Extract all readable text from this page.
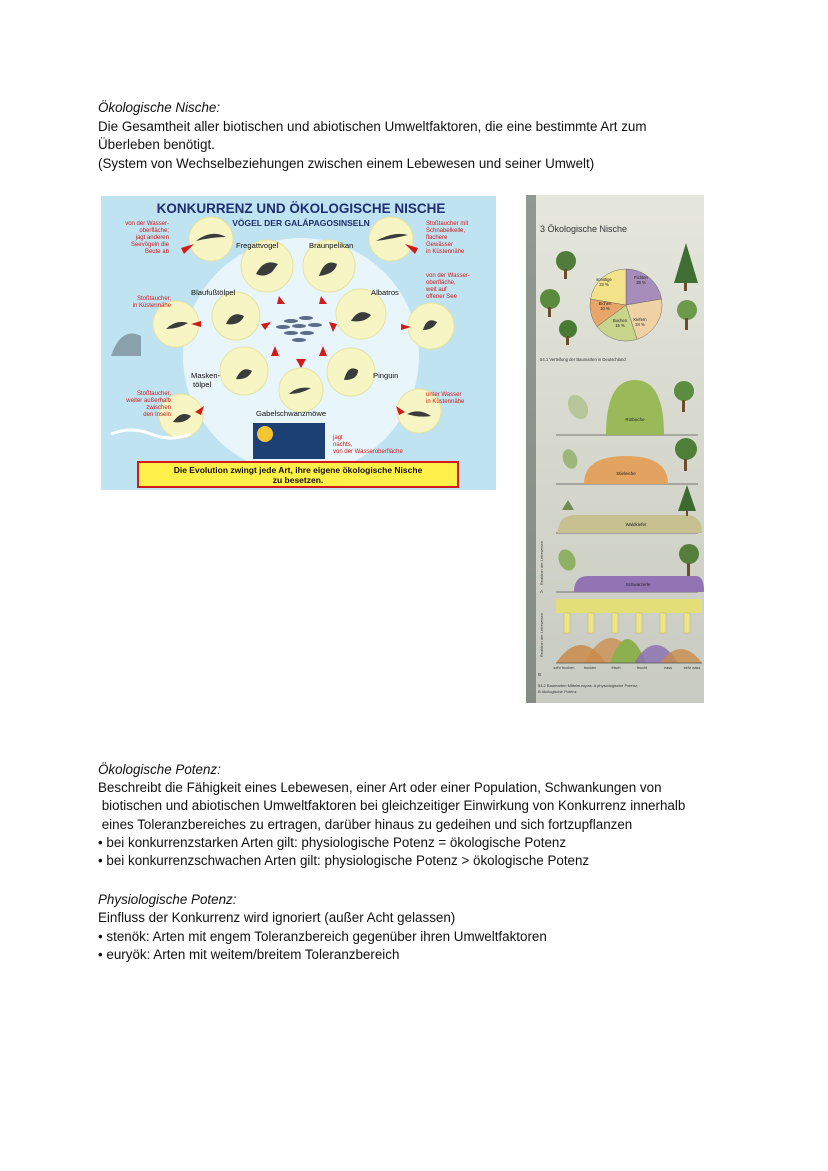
Ökologische Nische:
Die Gesamtheit aller biotischen und abiotischen Umweltfaktoren, die eine bestimmte Art zum
Überleben benötigt.
(System von Wechselbeziehungen zwischen einem Lebewesen und seiner Umwelt)
KONKURRENZ UND ÖKOLOGISCHE NISCHE
VÖGEL DER GALÁPAGOSINSELN
Fregattvogel	Braunpelikan
Blaufußtölpel	Albatros
Masken-
tölpel
Pinguin
Gabelschwanzmöwe
von der Wasser-
oberfläche;
jagt anderen
Seevögeln die
Beute ab
Stoßtaucher,
in Küstennähe
Stoßtaucher,
weiter außerhalb
zwischen
den Inseln
Stoßtaucher mit
Schnabelkelle,
flachere
Gewässer
in Küstennähe
von der Wasser-
oberfläche,
weit auf
offener See
unter Wasser
in Küstennähe
jagt
nachts,
von der Wasseroberfläche
Die Evolution zwingt jede Art, ihre eigene ökologische Nische
zu besetzen.
3 Ökologische Nische
sonstige
23 %
Fichten
28 %
Eichen
10 %
Buchen
15 %
Kiefern
24 %
54.1 Verteilung der Baumarten in Deutschland
Rotbuche
Stieleiche
Waldkiefer
Schwarzerle
Reaktion der Lebewesen
A
Reaktion der Lebewesen
sehr trocken trocken	frisch	feucht	nass	sehr nass
B
54.2 Baumarten Mitteleuropas. A physiologische Potenz;
B ökologische Potenz
Ökologische Potenz:
Beschreibt die Fähigkeit eines Lebewesen, einer Art oder einer Population, Schwankungen von
biotischen und abiotischen Umweltfaktoren bei gleichzeitiger Einwirkung von Konkurrenz innerhalb
eines Toleranzbereiches zu ertragen, darüber hinaus zu gedeihen und sich fortzupflanzen
• bei konkurrenzstarken Arten gilt: physiologische Potenz = ökologische Potenz
• bei konkurrenzschwachen Arten gilt: physiologische Potenz > ökologische Potenz
Physiologische Potenz:
Einfluss der Konkurrenz wird ignoriert (außer Acht gelassen)
• stenök: Arten mit engem Toleranzbereich gegenüber ihren Umweltfaktoren
• euryök: Arten mit weitem/breitem Toleranzbereich
